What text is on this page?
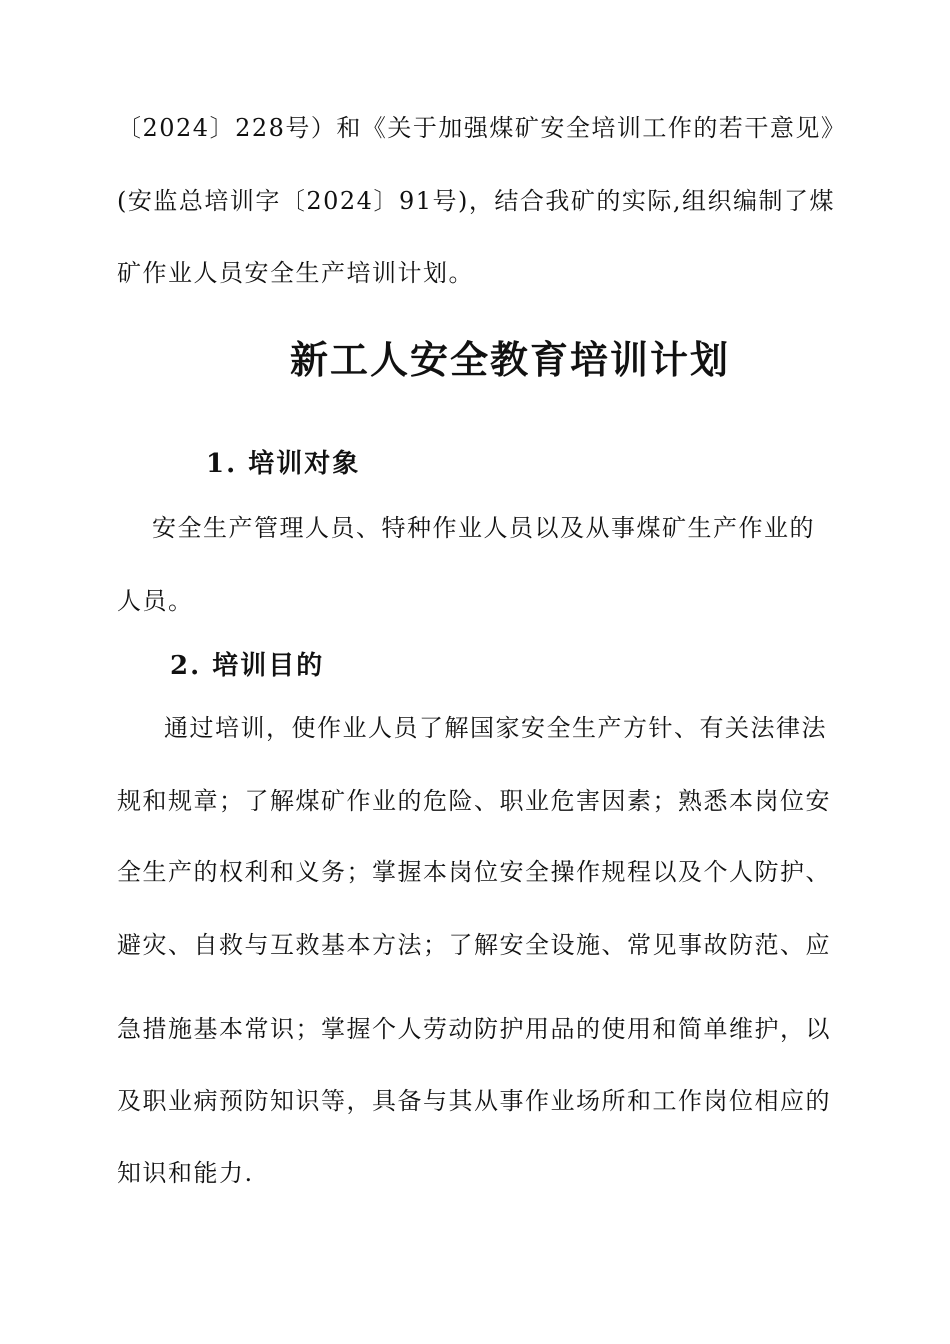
〔2024〕228号）和《关于加强煤矿安全培训工作的若干意见》
(安监总培训字〔2024〕91号)，结合我矿的实际,组织编制了煤
矿作业人员安全生产培训计划。
新工人安全教育培训计划
1. 培训对象
安全生产管理人员、特种作业人员以及从事煤矿生产作业的
人员。
2. 培训目的
通过培训，使作业人员了解国家安全生产方针、有关法律法
规和规章；了解煤矿作业的危险、职业危害因素；熟悉本岗位安
全生产的权利和义务；掌握本岗位安全操作规程以及个人防护、
避灾、自救与互救基本方法；了解安全设施、常见事故防范、应
急措施基本常识；掌握个人劳动防护用品的使用和简单维护，以
及职业病预防知识等，具备与其从事作业场所和工作岗位相应的
知识和能力.
